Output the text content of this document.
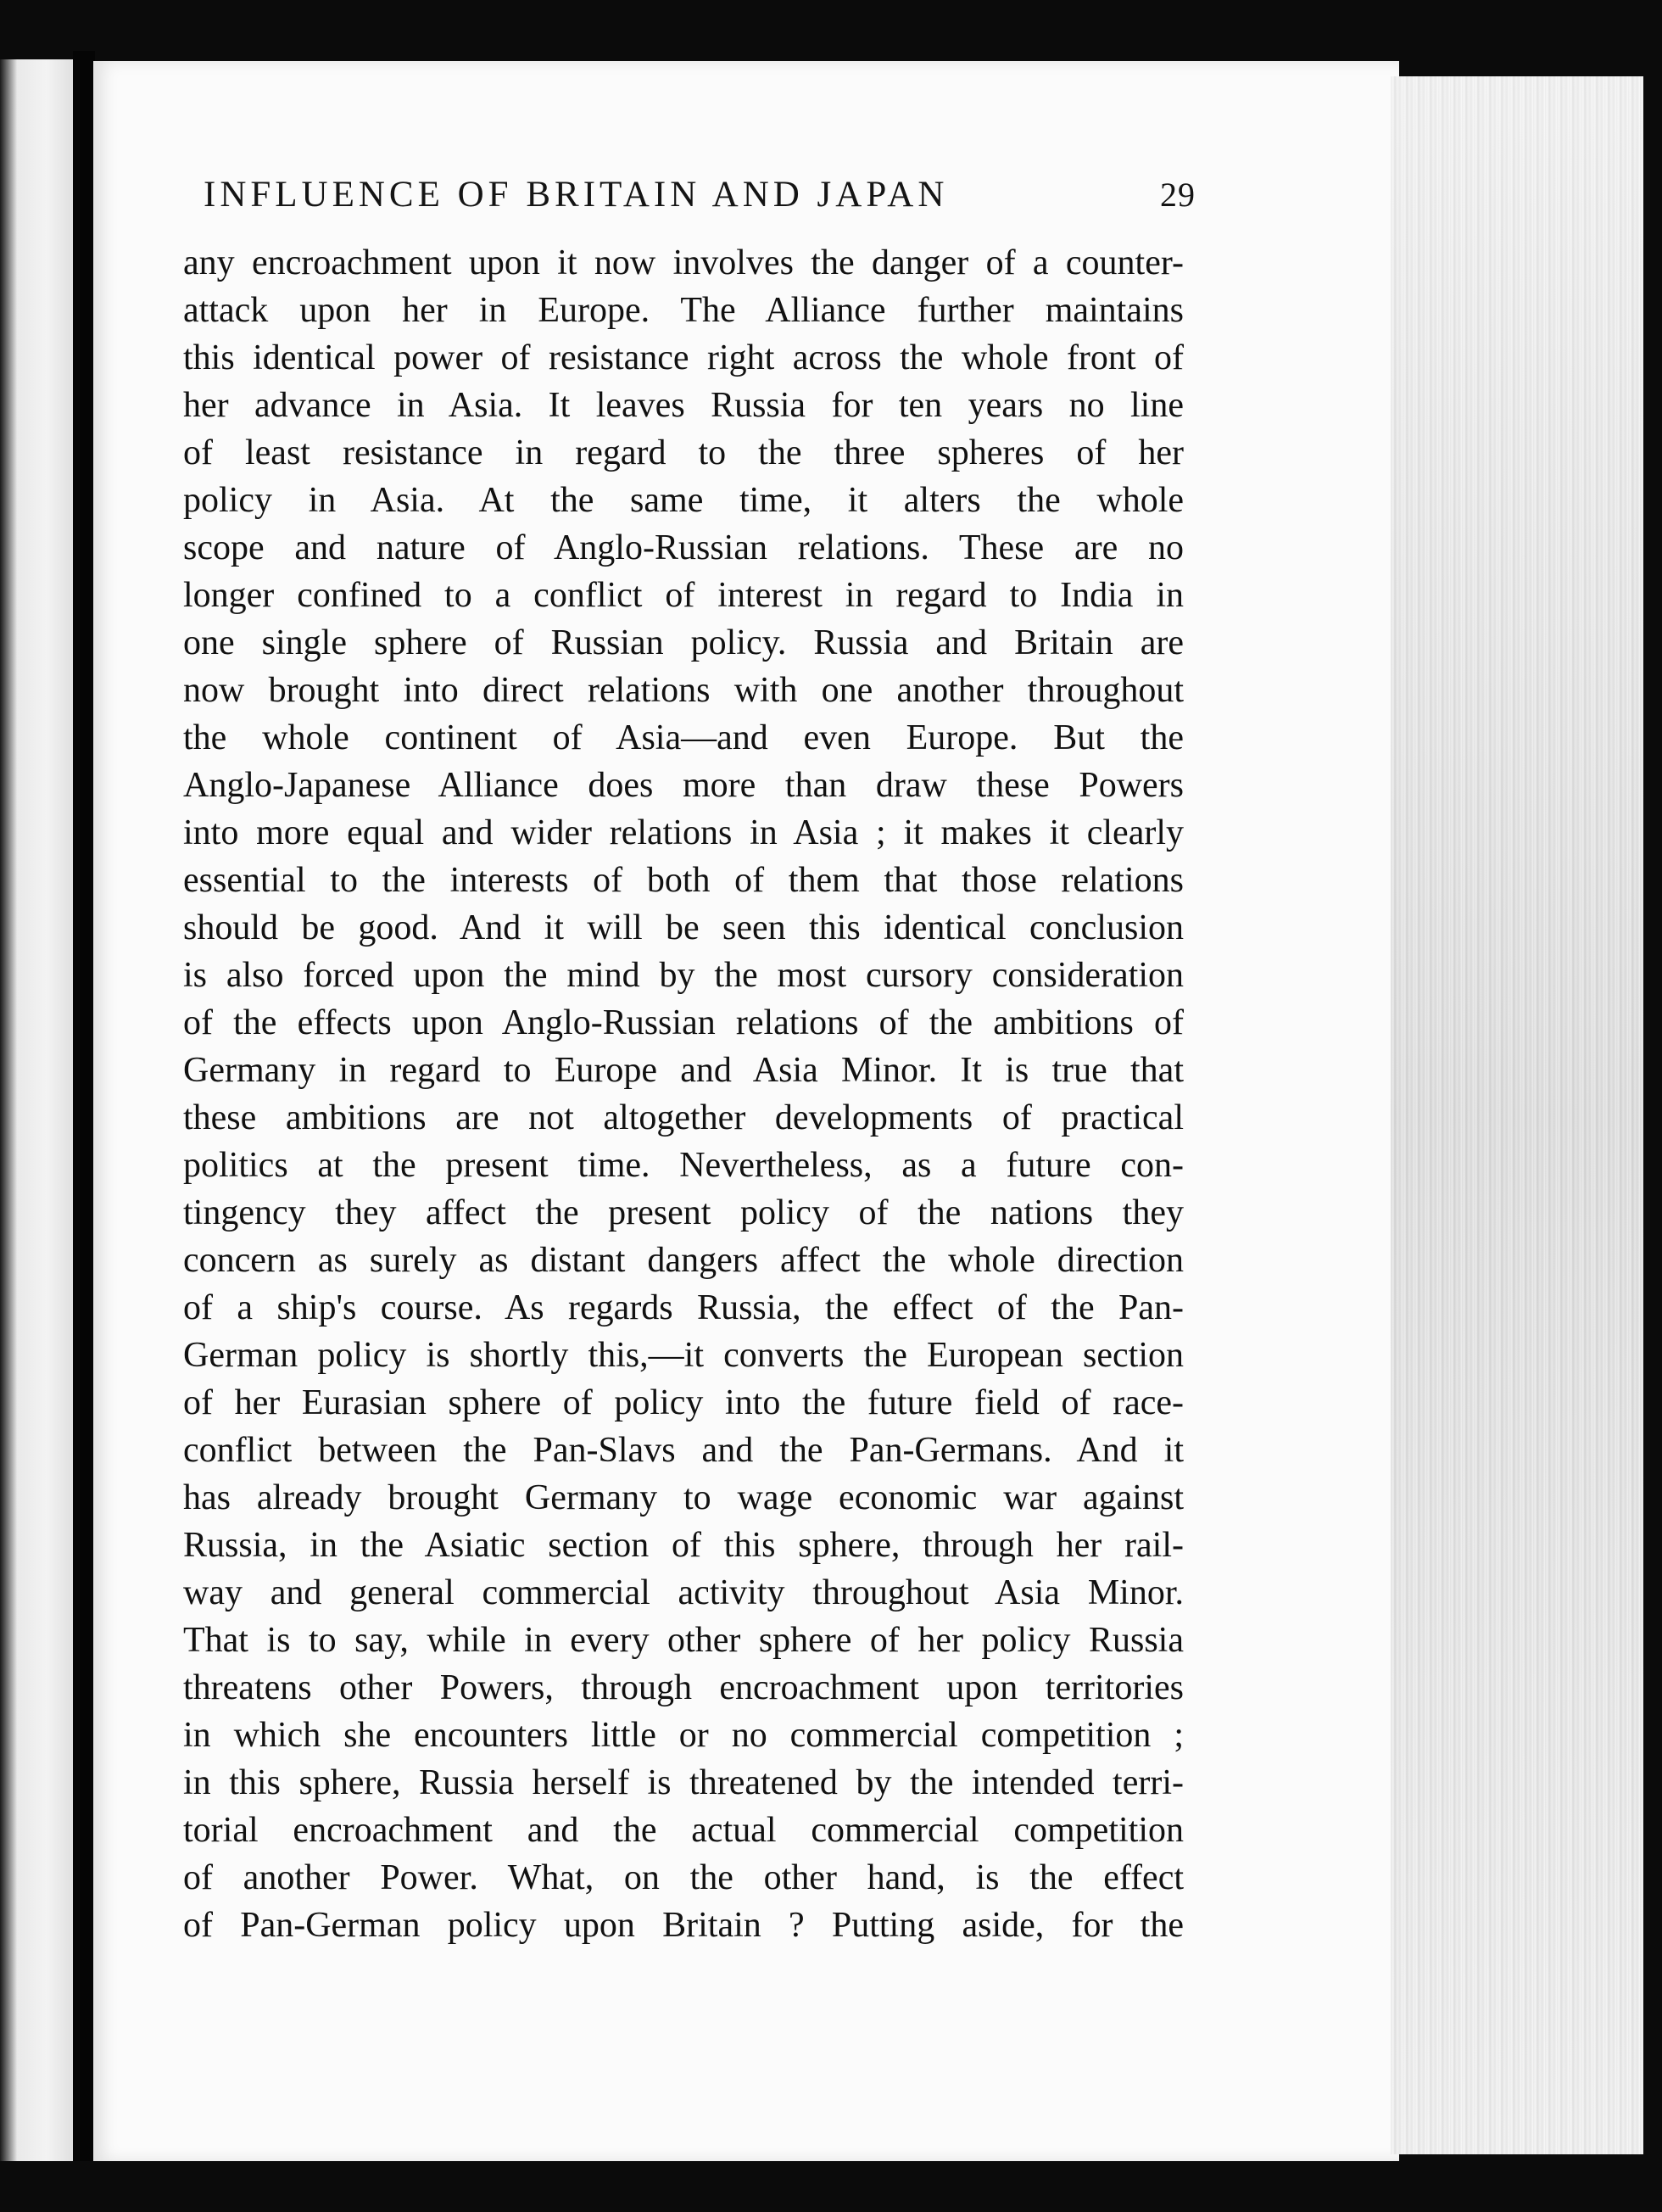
INFLUENCE OF BRITAIN AND JAPAN	29
any encroachment upon it now involves the danger of a counter-
attack upon her in Europe. The Alliance further maintains
this identical power of resistance right across the whole front of
her advance in Asia. It leaves Russia for ten years no line
of least resistance in regard to the three spheres of her
policy in Asia. At the same time, it alters the whole
scope and nature of Anglo-Russian relations. These are no
longer confined to a conflict of interest in regard to India in
one single sphere of Russian policy. Russia and Britain are
now brought into direct relations with one another throughout
the whole continent of Asia—and even Europe. But the
Anglo-Japanese Alliance does more than draw these Powers
into more equal and wider relations in Asia ; it makes it clearly
essential to the interests of both of them that those relations
should be good. And it will be seen this identical conclusion
is also forced upon the mind by the most cursory consideration
of the effects upon Anglo-Russian relations of the ambitions of
Germany in regard to Europe and Asia Minor. It is true that
these ambitions are not altogether developments of practical
politics at the present time. Nevertheless, as a future con-
tingency they affect the present policy of the nations they
concern as surely as distant dangers affect the whole direction
of a ship's course. As regards Russia, the effect of the Pan-
German policy is shortly this,—it converts the European section
of her Eurasian sphere of policy into the future field of race-
conflict between the Pan-Slavs and the Pan-Germans. And it
has already brought Germany to wage economic war against
Russia, in the Asiatic section of this sphere, through her rail-
way and general commercial activity throughout Asia Minor.
That is to say, while in every other sphere of her policy Russia
threatens other Powers, through encroachment upon territories
in which she encounters little or no commercial competition ;
in this sphere, Russia herself is threatened by the intended terri-
torial encroachment and the actual commercial competition
of another Power. What, on the other hand, is the effect
of Pan-German policy upon Britain ? Putting aside, for the
